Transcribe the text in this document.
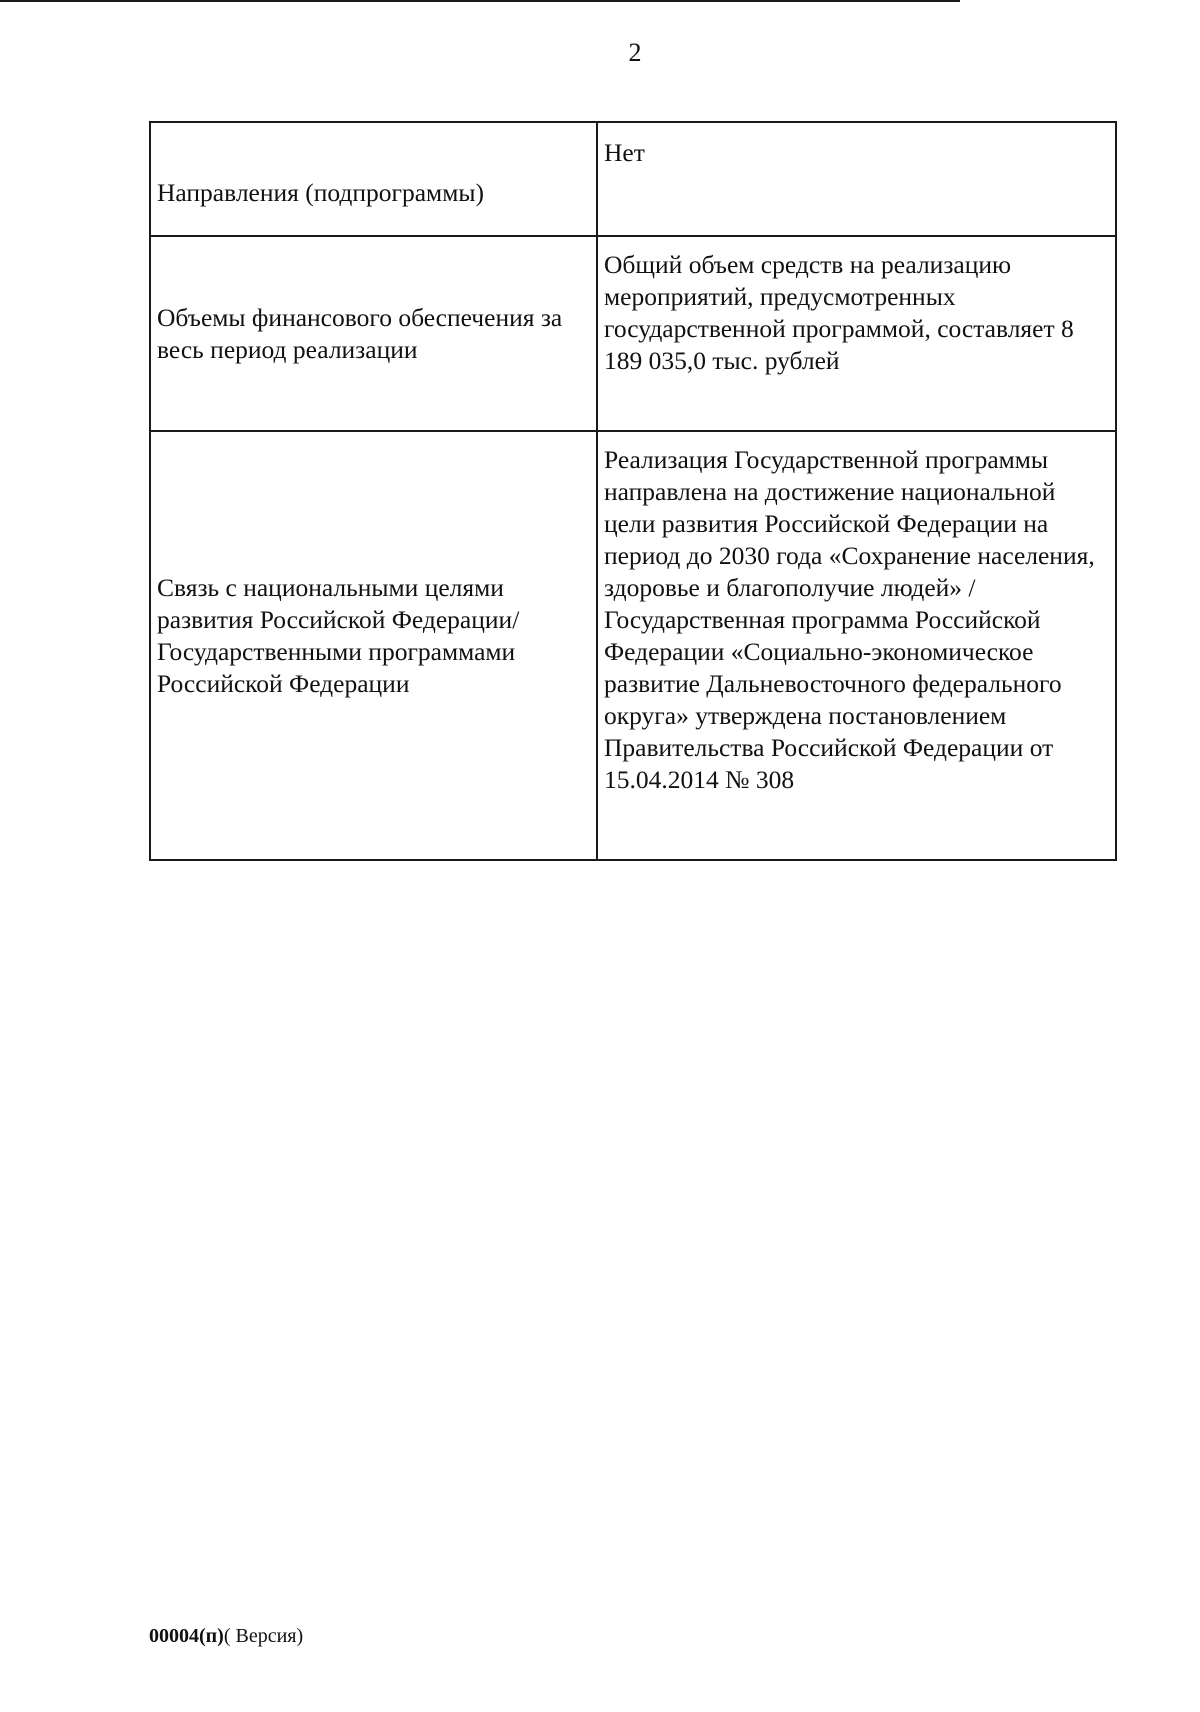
2
Направления (подпрограммы)	Нет
Объемы финансового обеспечения за весь период реализации	Общий объем средств на реализацию мероприятий, предусмотренных государственной программой, составляет 8 189 035,0 тыс. рублей
Связь с национальными целями развития Российской Федерации/ Государственными программами Российской Федерации	Реализация Государственной программы направлена на достижение национальной цели развития Российской Федерации на период до 2030 года «Сохранение населения, здоровье и благополучие людей» / Государственная программа Российской Федерации «Социально-экономическое развитие Дальневосточного федерального округа» утверждена постановлением Правительства Российской Федерации от 15.04.2014 № 308
00004(п)( Версия)
